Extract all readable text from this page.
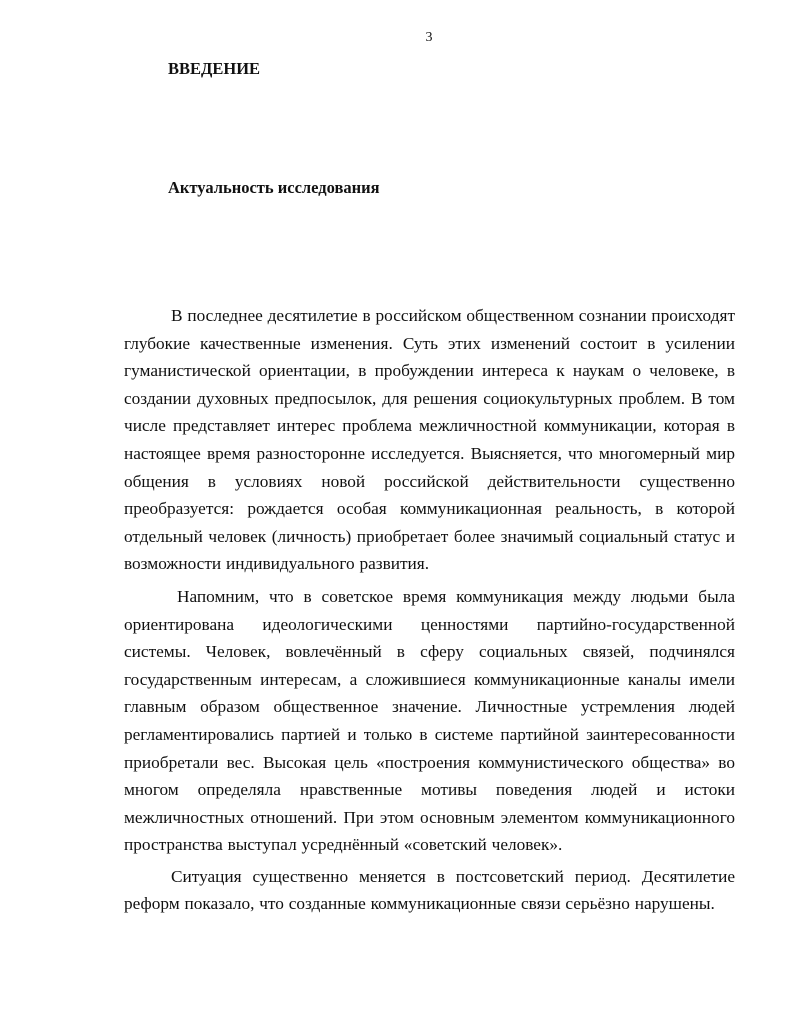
3
ВВЕДЕНИЕ
Актуальность исследования

В последнее десятилетие в российском общественном сознании происходят глубокие качественные изменения. Суть этих изменений состоит в усилении гуманистической ориентации, в пробуждении интереса к наукам о человеке, в создании духовных предпосылок, для решения социокультурных проблем. В том числе представляет интерес проблема межличностной коммуникации, которая в настоящее время разносторонне исследуется. Выясняется, что многомерный мир общения в условиях новой российской действительности существенно преобразуется: рождается особая коммуникационная реальность, в которой отдельный человек (личность) приобретает более значимый социальный статус и возможности индивидуального развития.

Напомним, что в советское время коммуникация между людьми была ориентирована идеологическими ценностями партийно-государственной системы. Человек, вовлечённый в сферу социальных связей, подчинялся государственным интересам, а сложившиеся коммуникационные каналы имели главным образом общественное значение. Личностные устремления людей регламентировались партией и только в системе партийной заинтересованности приобретали вес. Высокая цель «построения коммунистического общества» во многом определяла нравственные мотивы поведения людей и истоки межличностных отношений. При этом основным элементом коммуникационного пространства выступал усреднённый «советский человек».

Ситуация существенно меняется в постсоветский период. Десятилетие реформ показало, что созданные коммуникационные связи серьёзно нарушены.
